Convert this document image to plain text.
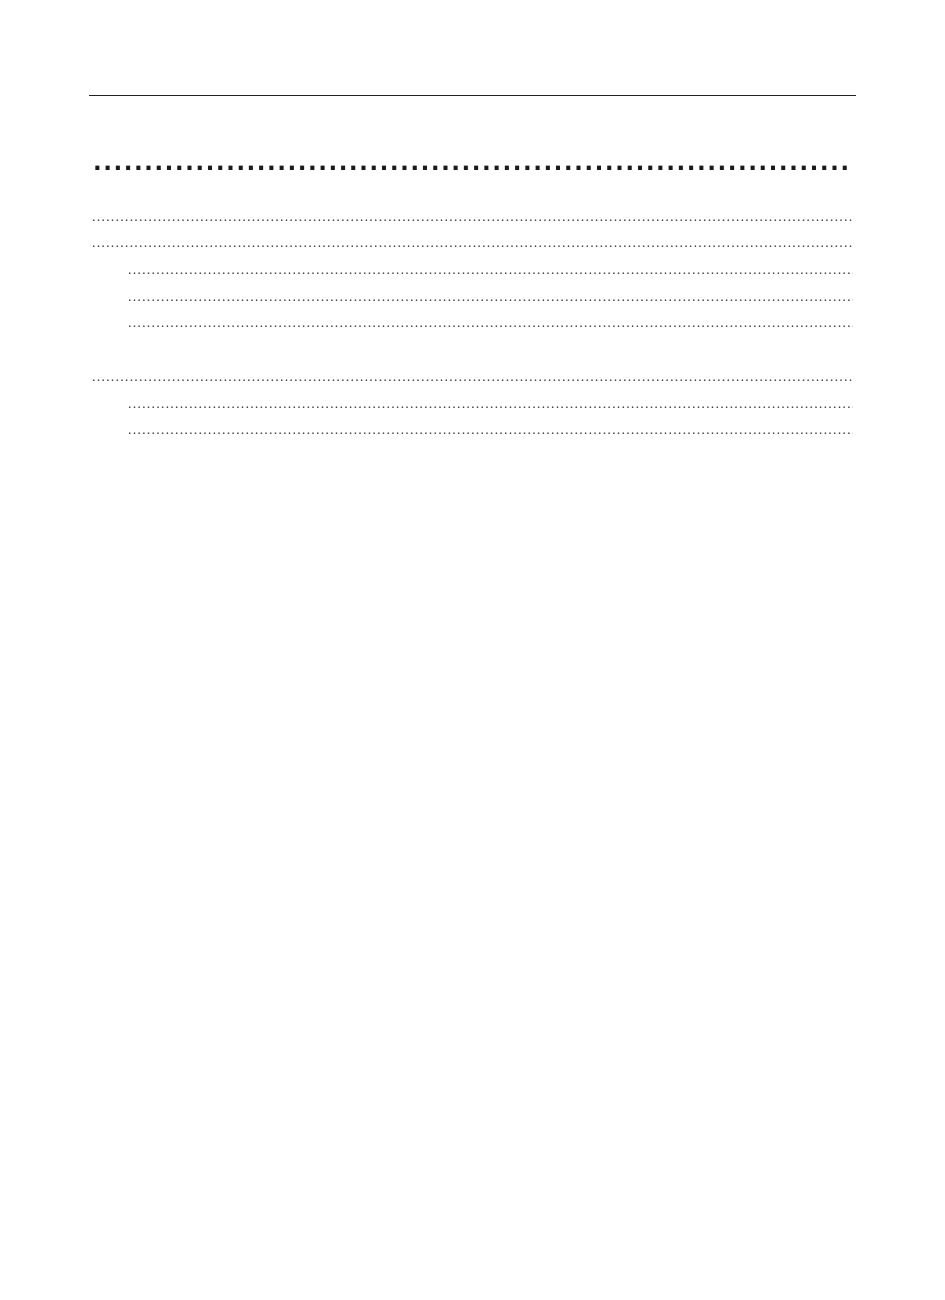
.....
.....
.....
.....
.....
.....
.....
.....
.....
